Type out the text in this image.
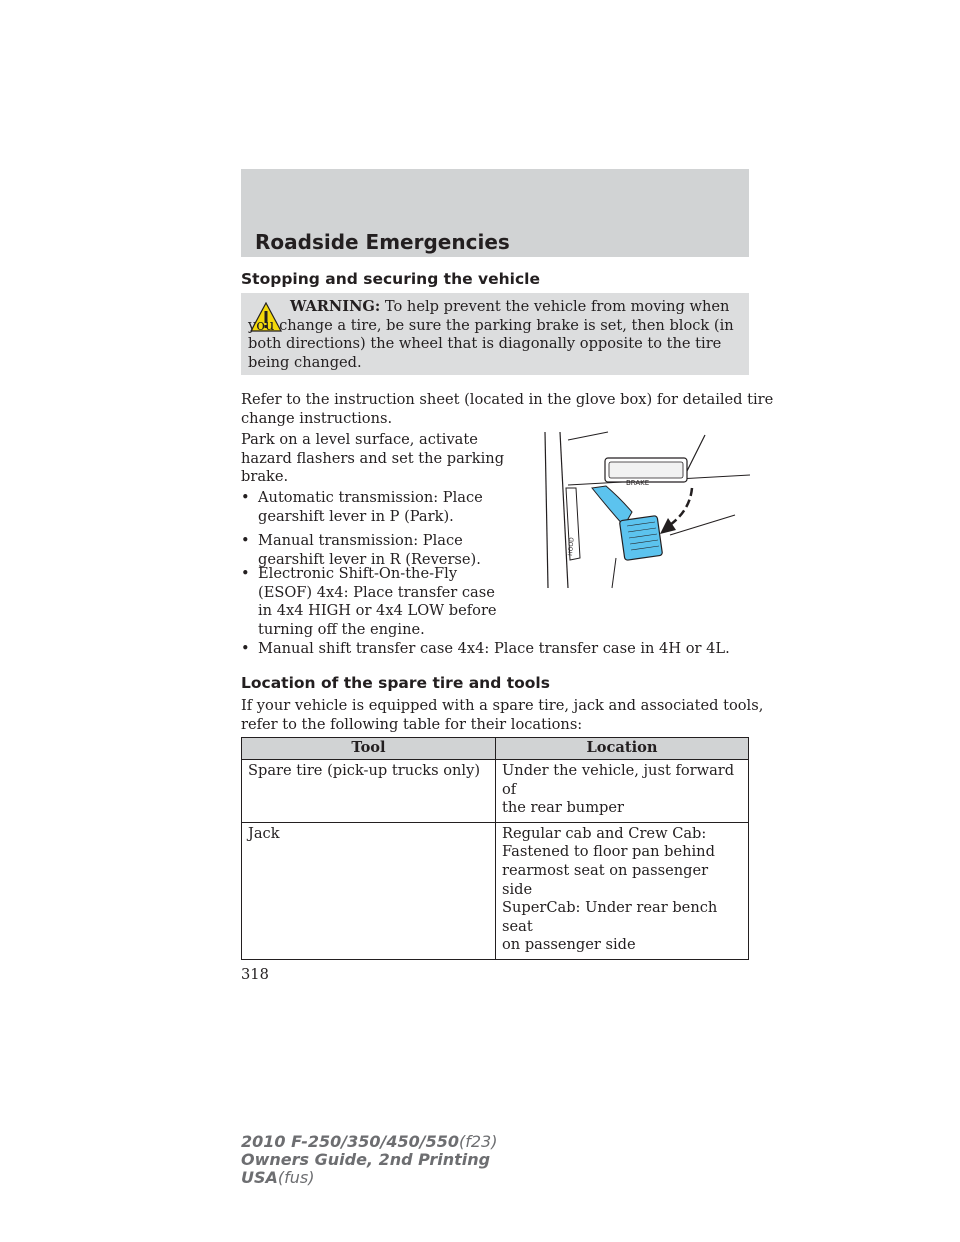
Roadside Emergencies
Stopping and securing the vehicle
WARNING: To help prevent the vehicle from moving when you change a tire, be sure the parking brake is set, then block (in both directions) the wheel that is diagonally opposite to the tire being changed.
Refer to the instruction sheet (located in the glove box) for detailed tire
change instructions.
Park on a level surface, activate
hazard flashers and set the parking
brake.
• Automatic transmission: Place
gearshift lever in P (Park).
• Manual transmission: Place
gearshift lever in R (Reverse).
• Electronic Shift-On-the-Fly
(ESOF) 4x4: Place transfer case
in 4x4 HIGH or 4x4 LOW before
turning off the engine.
• Manual shift transfer case 4x4: Place transfer case in 4H or 4L.
BRAKE
HOOD
Location of the spare tire and tools
If your vehicle is equipped with a spare tire, jack and associated tools,
refer to the following table for their locations:
Tool	Location
Spare tire (pick-up trucks only)	Under the vehicle, just forward of
the rear bumper

Jack	Regular cab and Crew Cab:
Fastened to floor pan behind
rearmost seat on passenger side
SuperCab: Under rear bench seat
on passenger side
318
2010 F-250/350/450/550(f23)
Owners Guide, 2nd Printing
USA(fus)
